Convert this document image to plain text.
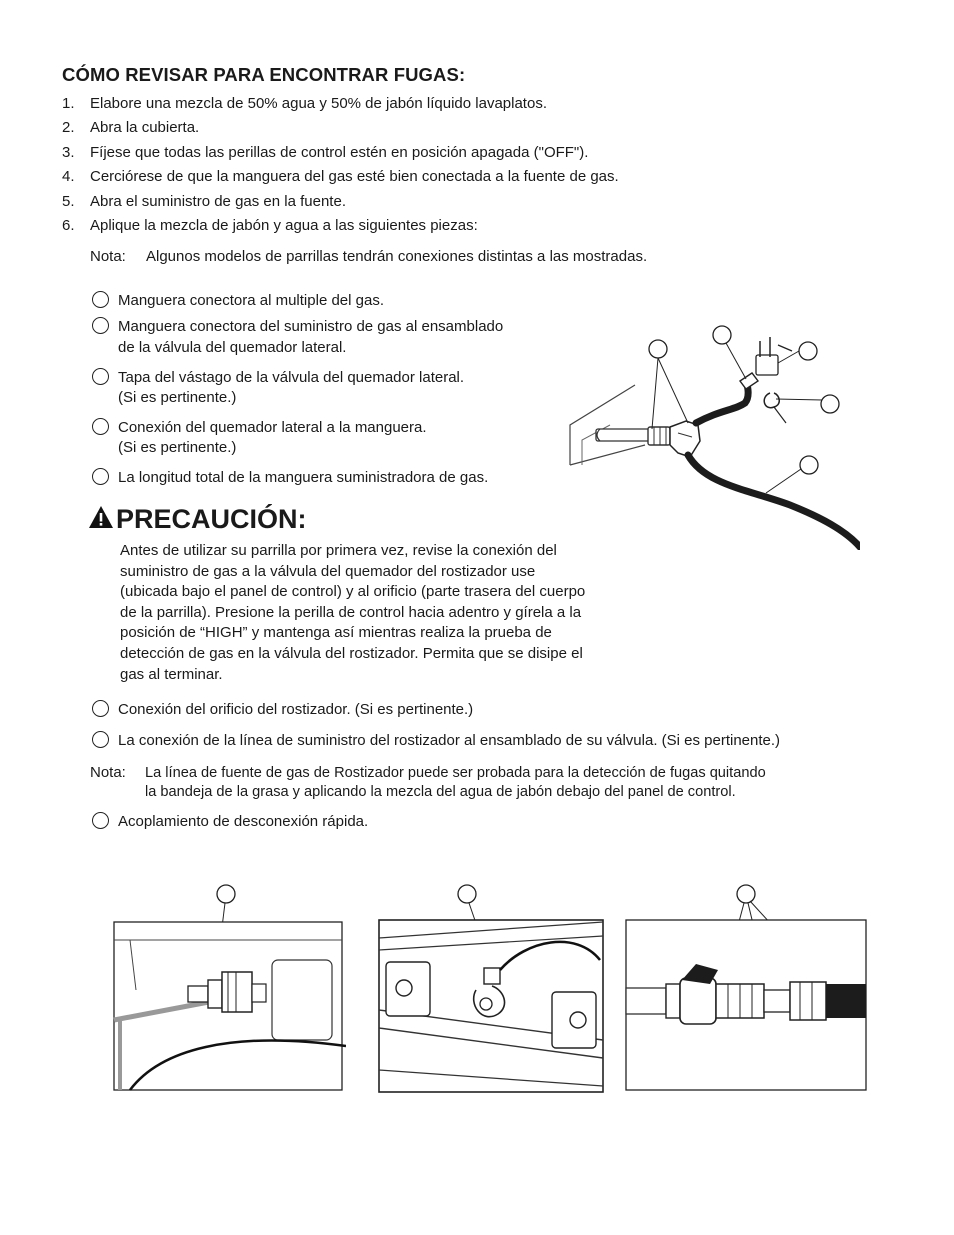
CÓMO REVISAR PARA ENCONTRAR FUGAS:
1.	Elabore una mezcla de 50% agua y 50% de jabón líquido lavaplatos.
2.	Abra la cubierta.
3.	Fíjese que todas las perillas de control estén en posición apagada ("OFF").
4.	Cerciórese de que la manguera del gas esté bien conectada a la fuente de gas.
5.	Abra el suministro de gas en la fuente.
6.	Aplique la mezcla de jabón y agua a las siguientes piezas:
Nota: Algunos modelos de parrillas tendrán conexiones distintas a las mostradas.
Manguera conectora al multiple del gas.
Manguera conectora del suministro de gas al ensamblado
de la válvula del quemador lateral.
Tapa del vástago de la válvula del quemador lateral.
(Si es pertinente.)
Conexión del quemador lateral a la manguera.
(Si es pertinente.)
La longitud total de la manguera suministradora de gas.
PRECAUCIÓN:
Antes de utilizar su parrilla por primera vez, revise la conexión del
suministro de gas a la válvula del quemador del rostizador use
(ubicada bajo el panel de control) y al orificio (parte trasera del cuerpo
de la parrilla). Presione la perilla de control hacia adentro y gírela a la
posición de “HIGH” y mantenga así mientras realiza la prueba de
detección de gas en la válvula del rostizador. Permita que se disipe el
gas al terminar.
Conexión del orificio del rostizador. (Si es pertinente.)
La conexión de la línea de suministro del rostizador al ensamblado de su válvula. (Si es pertinente.)
Nota: La línea de fuente de gas de Rostizador puede ser probada para la detección de fugas quitando
la bandeja de la grasa y aplicando la mezcla del agua de jabón debajo del panel de control.
Acoplamiento de desconexión rápida.
